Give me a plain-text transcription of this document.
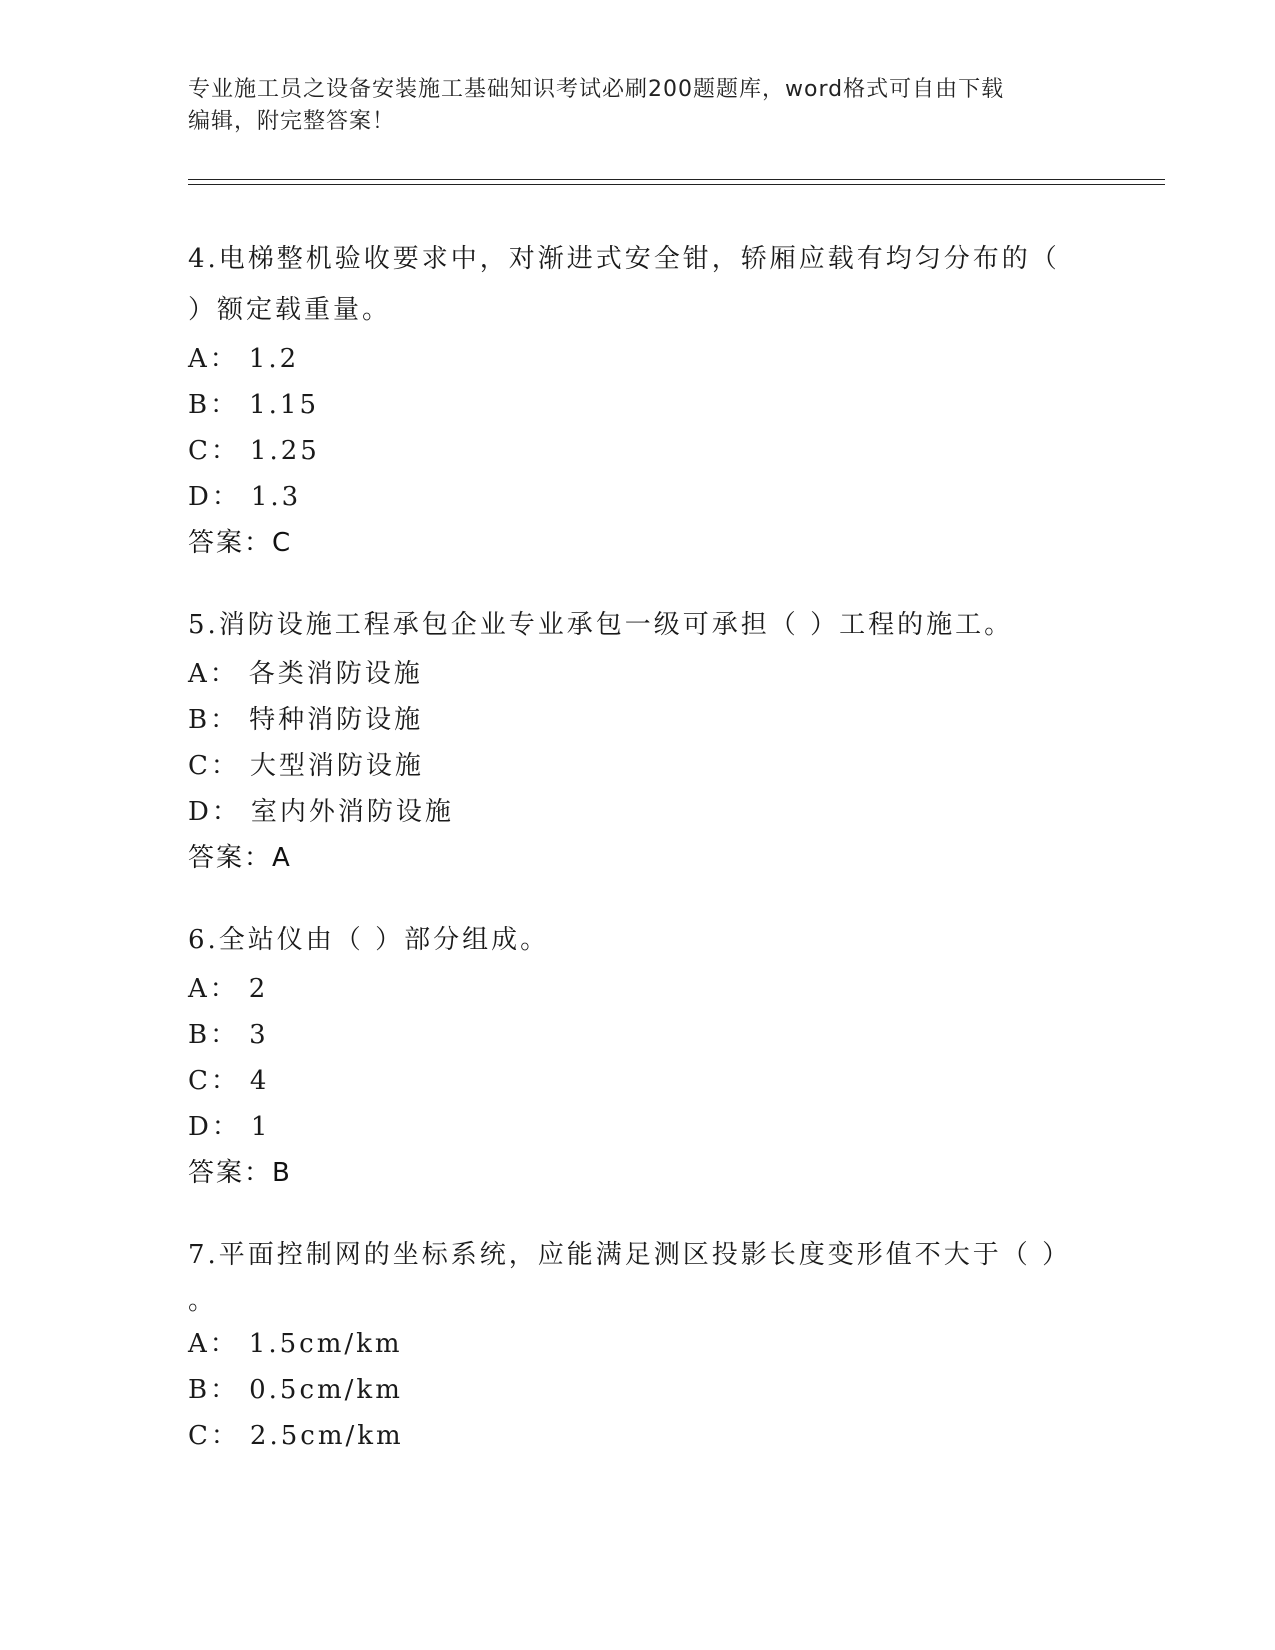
专业施工员之设备安装施工基础知识考试必刷200题题库，word格式可自由下载
编辑，附完整答案！
4.电梯整机验收要求中，对渐进式安全钳，轿厢应载有均匀分布的（
）额定载重量。
A： 1.2
B： 1.15
C： 1.25
D： 1.3
答案：C
5.消防设施工程承包企业专业承包一级可承担（ ）工程的施工。
A： 各类消防设施
B： 特种消防设施
C： 大型消防设施
D： 室内外消防设施
答案：A
6.全站仪由（ ）部分组成。
A： 2
B： 3
C： 4
D： 1
答案：B
7.平面控制网的坐标系统，应能满足测区投影长度变形值不大于（ ）
。
A： 1.5cm/km
B： 0.5cm/km
C： 2.5cm/km
